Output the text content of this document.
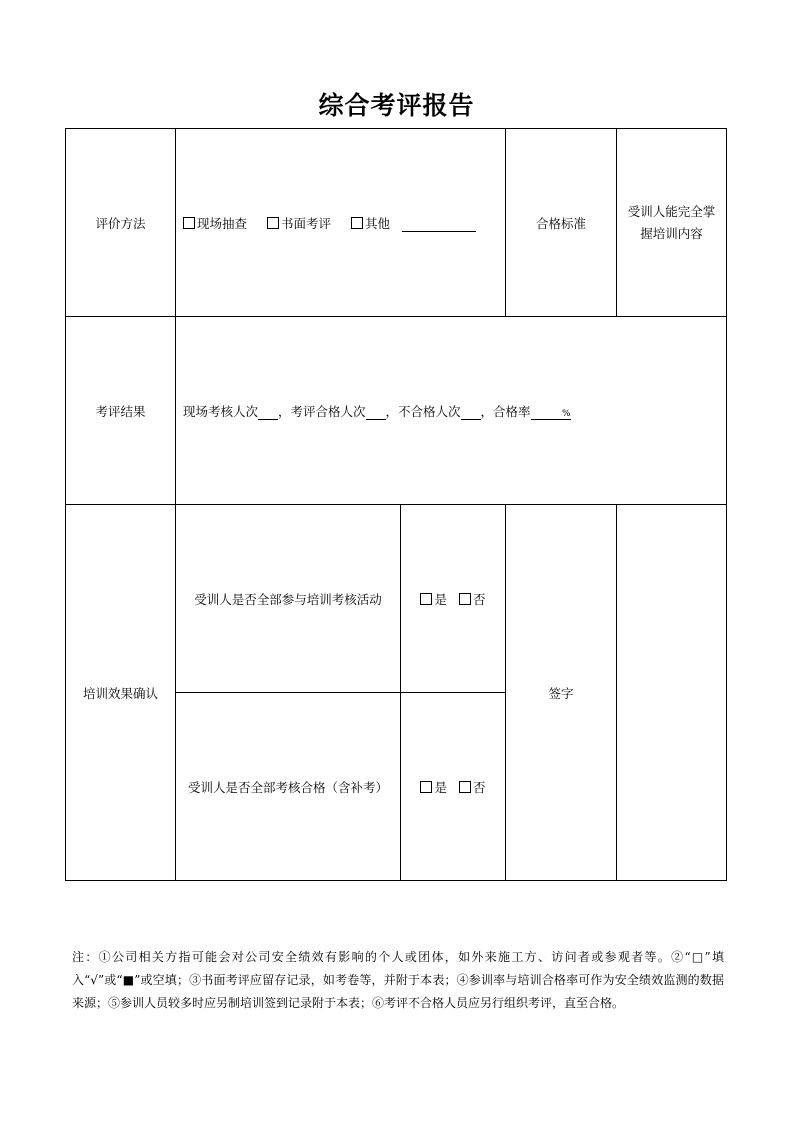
综合考评报告
评价方法	现场抽查 书面考评 其他		合格标准	受训人能完全掌握培训内容
考评结果	现场考核人次 ，考评合格人次 ，不合格人次 ，合格率 %			
培训效果确认	受训人是否全部参与培训考核活动	是 否	签字	
	受训人是否全部考核合格（含补考）	是 否		
注：①公司相关方指可能会对公司安全绩效有影响的个人或团体，如外来施工方、访问者或参观者等。②“□”填入“√”或“■”或空填；③书面考评应留存记录，如考卷等，并附于本表；④参训率与培训合格率可作为安全绩效监测的数据来源；⑤参训人员较多时应另制培训签到记录附于本表；⑥考评不合格人员应另行组织考评，直至合格。
